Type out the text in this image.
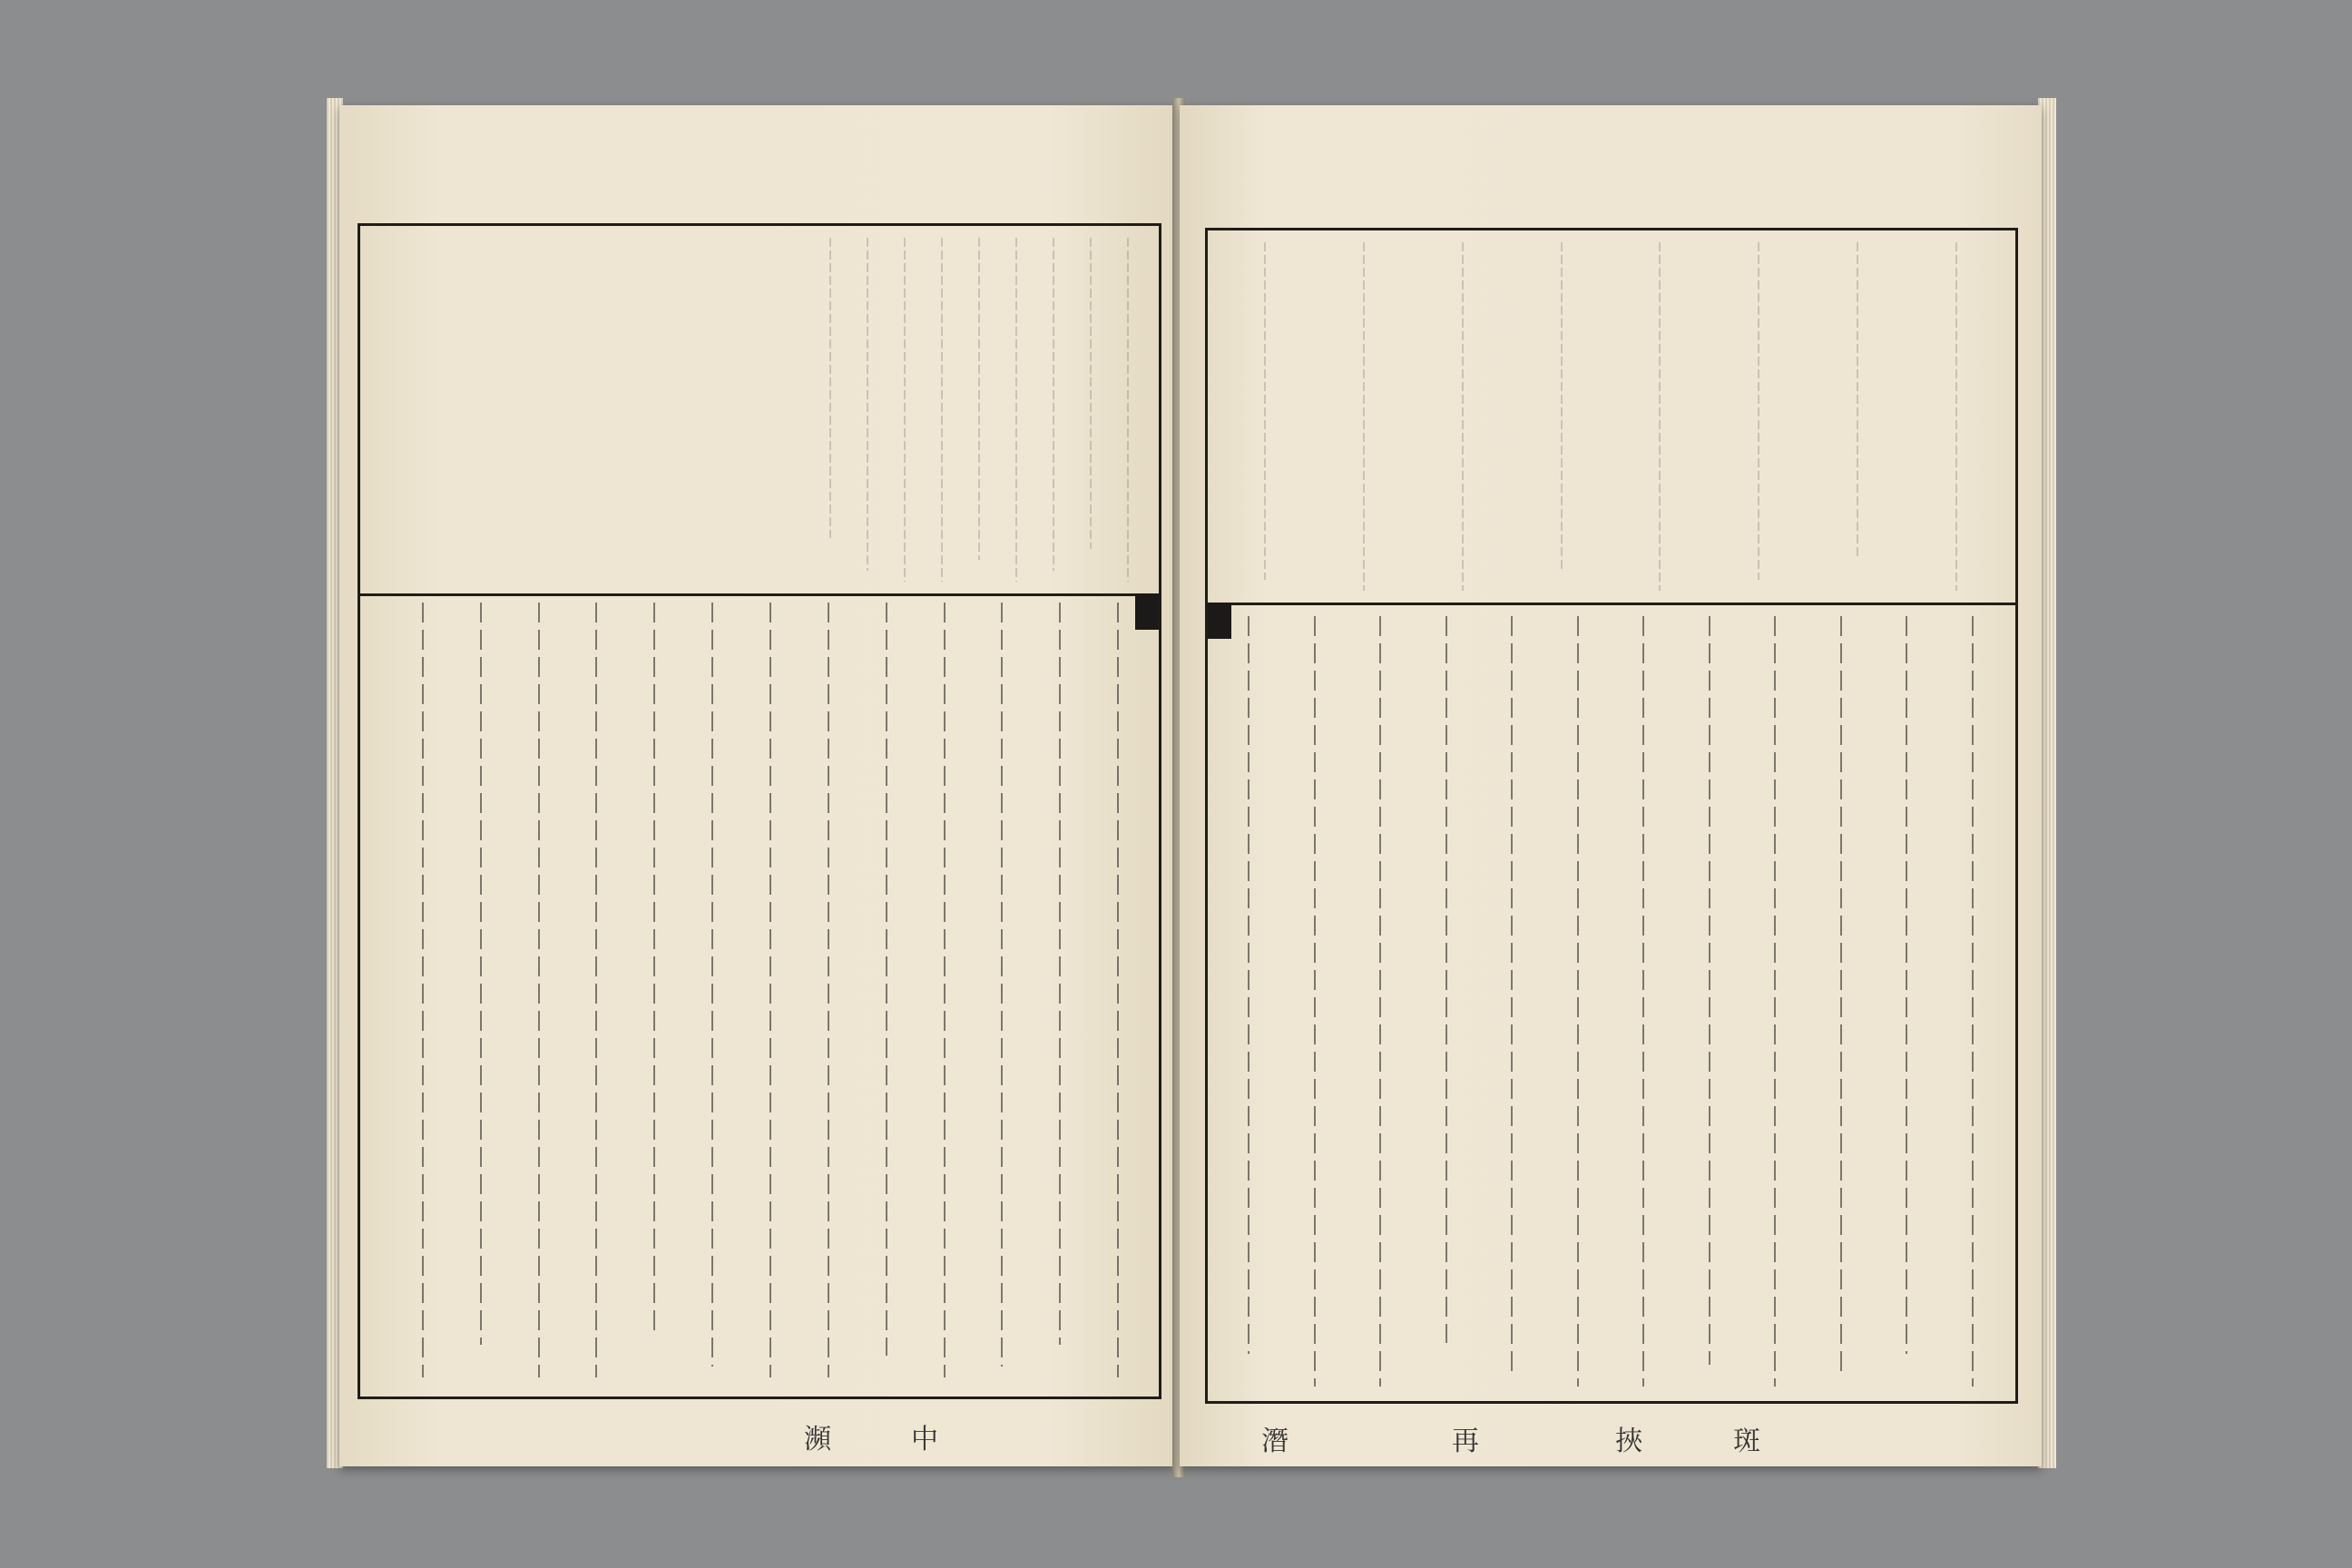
瀕	中	潛	再	挾	斑
